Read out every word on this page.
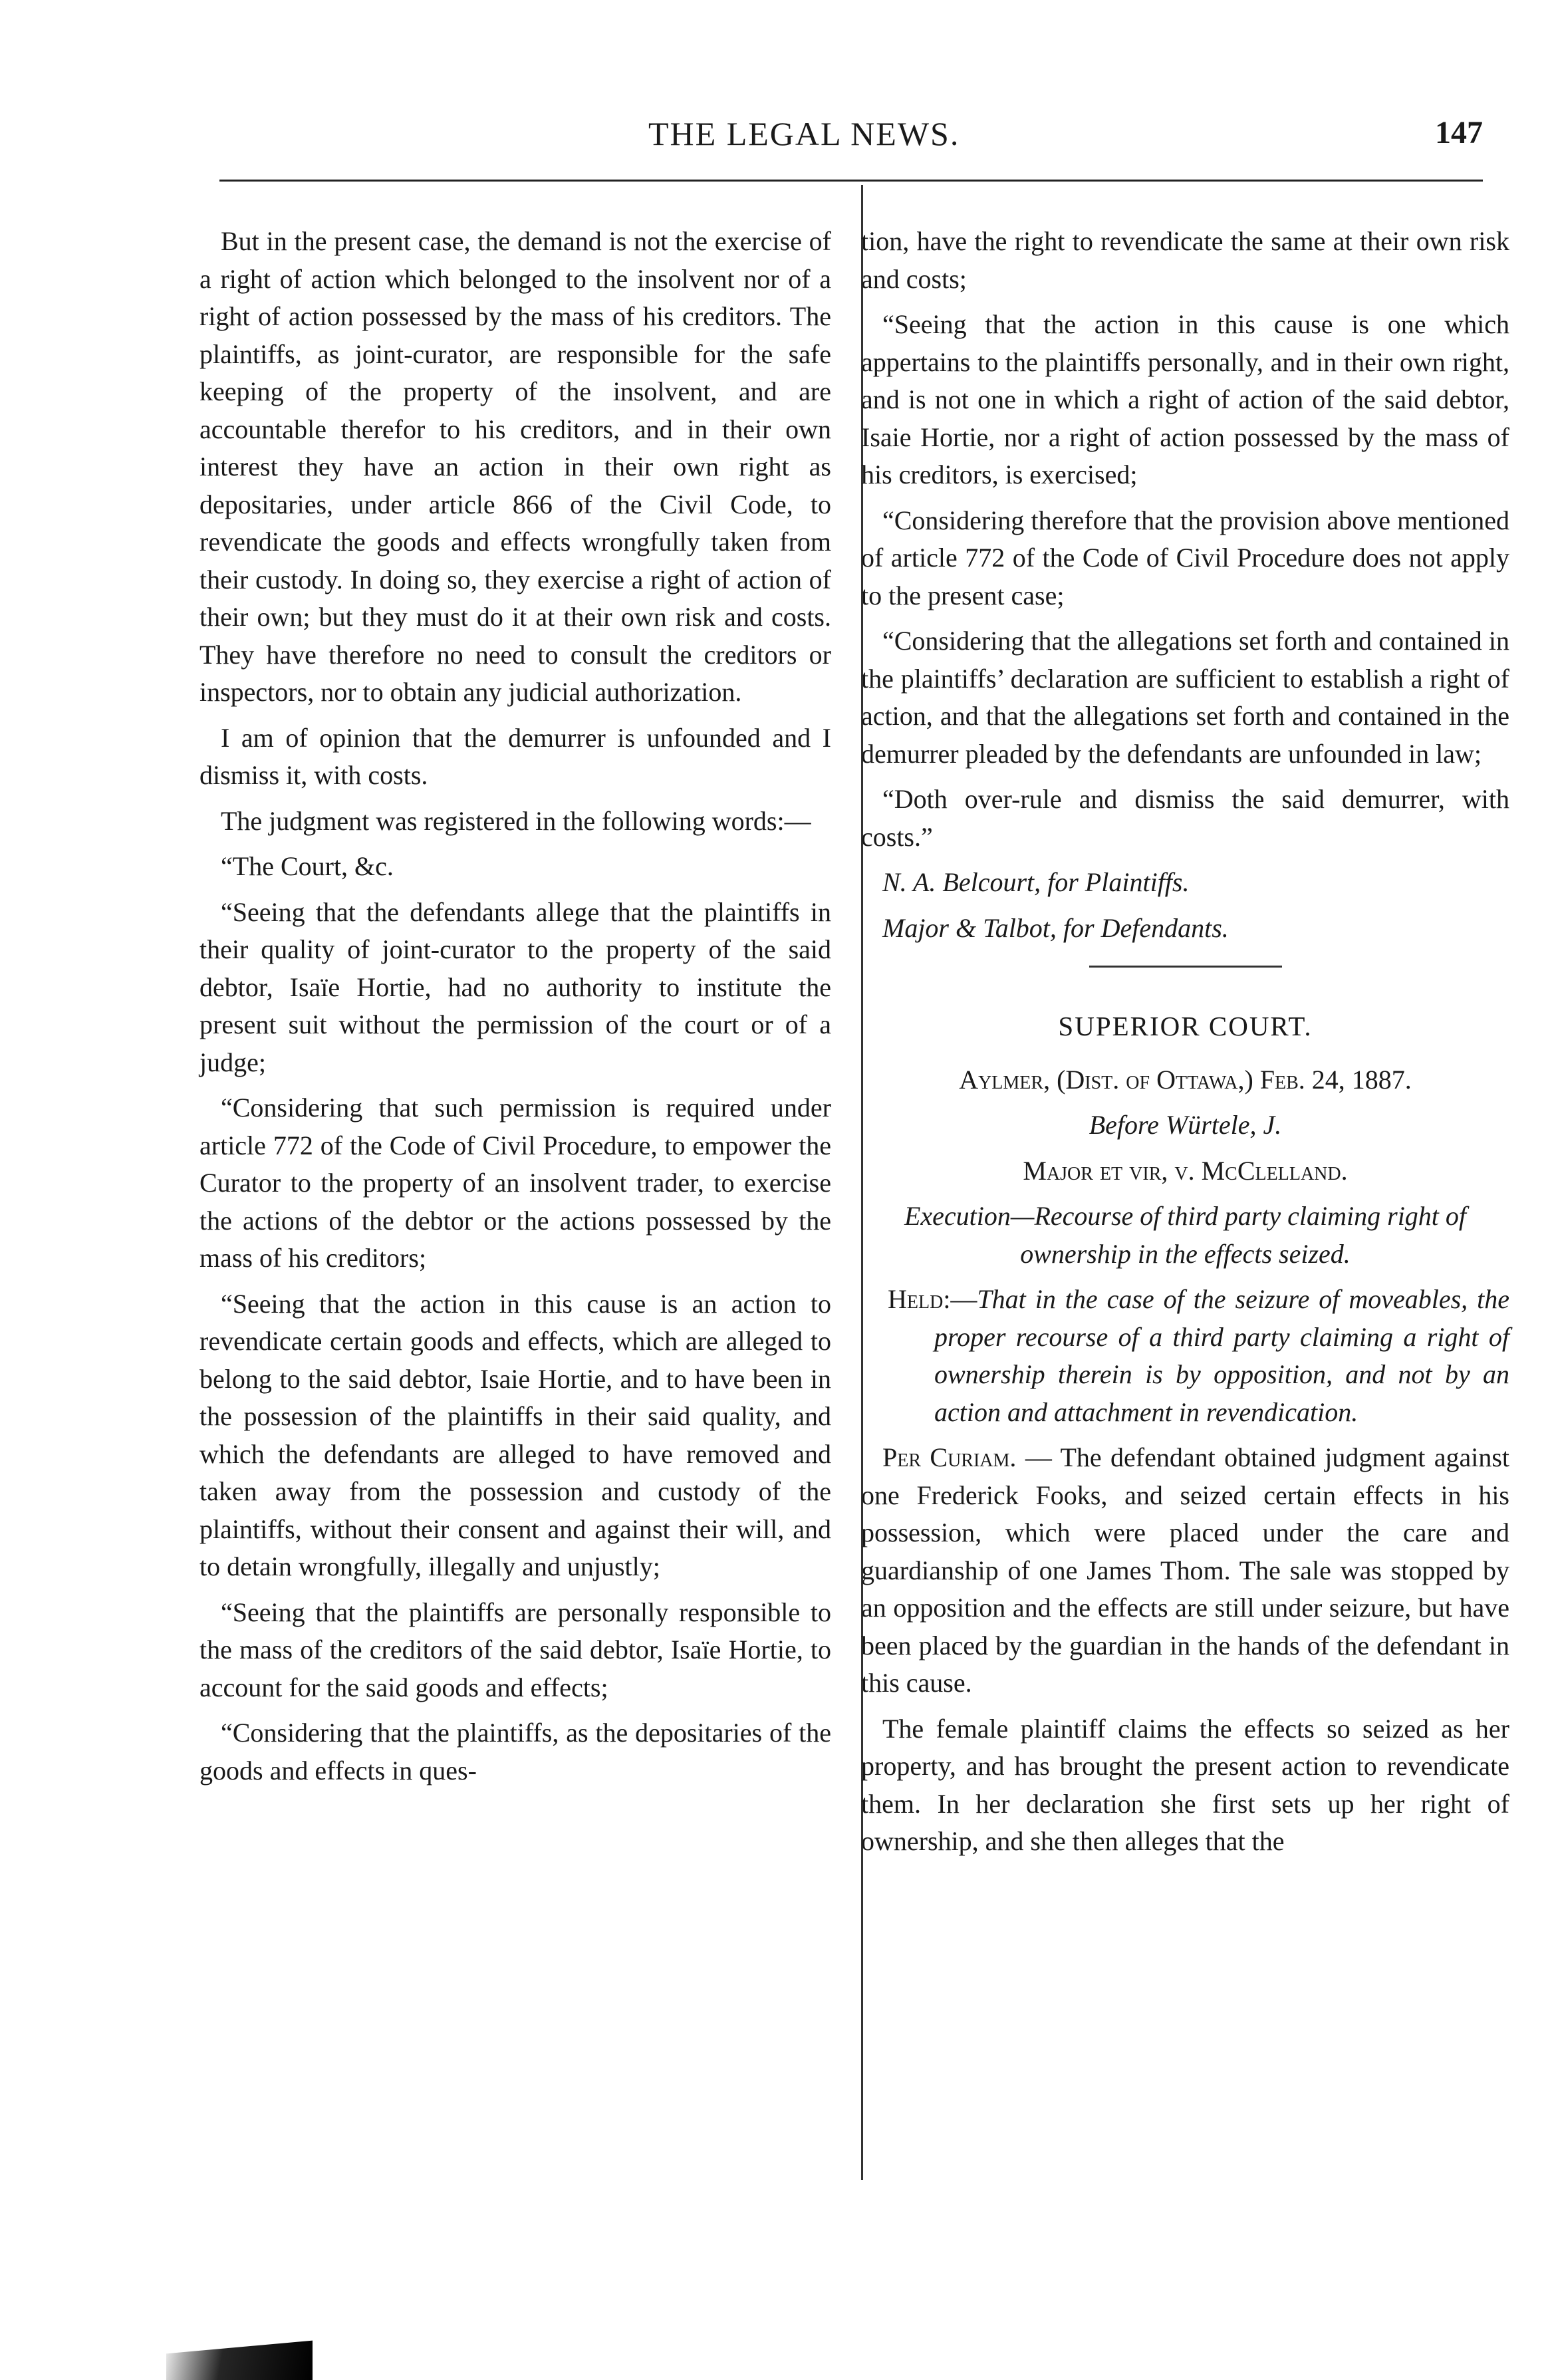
THE LEGAL NEWS.	147

But in the present case, the demand is not the exercise of a right of action which belonged to the insolvent nor of a right of action possessed by the mass of his creditors. The plaintiffs, as joint-curator, are responsible for the safe keeping of the property of the insolvent, and are accountable therefor to his creditors, and in their own interest they have an action in their own right as depositaries, under article 866 of the Civil Code, to revendicate the goods and effects wrongfully taken from their custody. In doing so, they exercise a right of action of their own; but they must do it at their own risk and costs. They have therefore no need to consult the creditors or inspectors, nor to obtain any judicial authorization.

I am of opinion that the demurrer is unfounded and I dismiss it, with costs.

The judgment was registered in the following words:—

“The Court, &c.

“Seeing that the defendants allege that the plaintiffs in their quality of joint-curator to the property of the said debtor, Isaïe Hortie, had no authority to institute the present suit without the permission of the court or of a judge;

“Considering that such permission is required under article 772 of the Code of Civil Procedure, to empower the Curator to the property of an insolvent trader, to exercise the actions of the debtor or the actions possessed by the mass of his creditors;

“Seeing that the action in this cause is an action to revendicate certain goods and effects, which are alleged to belong to the said debtor, Isaie Hortie, and to have been in the possession of the plaintiffs in their said quality, and which the defendants are alleged to have removed and taken away from the possession and custody of the plaintiffs, without their consent and against their will, and to detain wrongfully, illegally and unjustly;

“Seeing that the plaintiffs are personally responsible to the mass of the creditors of the said debtor, Isaïe Hortie, to account for the said goods and effects;

“Considering that the plaintiffs, as the depositaries of the goods and effects in ques-

tion, have the right to revendicate the same at their own risk and costs;

“Seeing that the action in this cause is one which appertains to the plaintiffs personally, and in their own right, and is not one in which a right of action of the said debtor, Isaie Hortie, nor a right of action possessed by the mass of his creditors, is exercised;

“Considering therefore that the provision above mentioned of article 772 of the Code of Civil Procedure does not apply to the present case;

“Considering that the allegations set forth and contained in the plaintiffs’ declaration are sufficient to establish a right of action, and that the allegations set forth and contained in the demurrer pleaded by the defendants are unfounded in law;

“Doth over-rule and dismiss the said demurrer, with costs.”

N. A. Belcourt, for Plaintiffs.

Major & Talbot, for Defendants.

SUPERIOR COURT.

Aylmer, (Dist. of Ottawa,) Feb. 24, 1887.

Before Würtele, J.

Major et vir, v. McClelland.

Execution—Recourse of third party claiming right of ownership in the effects seized.

Held:—That in the case of the seizure of moveables, the proper recourse of a third party claiming a right of ownership therein is by opposition, and not by an action and attachment in revendication.

Per Curiam. — The defendant obtained judgment against one Frederick Fooks, and seized certain effects in his possession, which were placed under the care and guardianship of one James Thom. The sale was stopped by an opposition and the effects are still under seizure, but have been placed by the guardian in the hands of the defendant in this cause.

The female plaintiff claims the effects so seized as her property, and has brought the present action to revendicate them. In her declaration she first sets up her right of ownership, and she then alleges that the
